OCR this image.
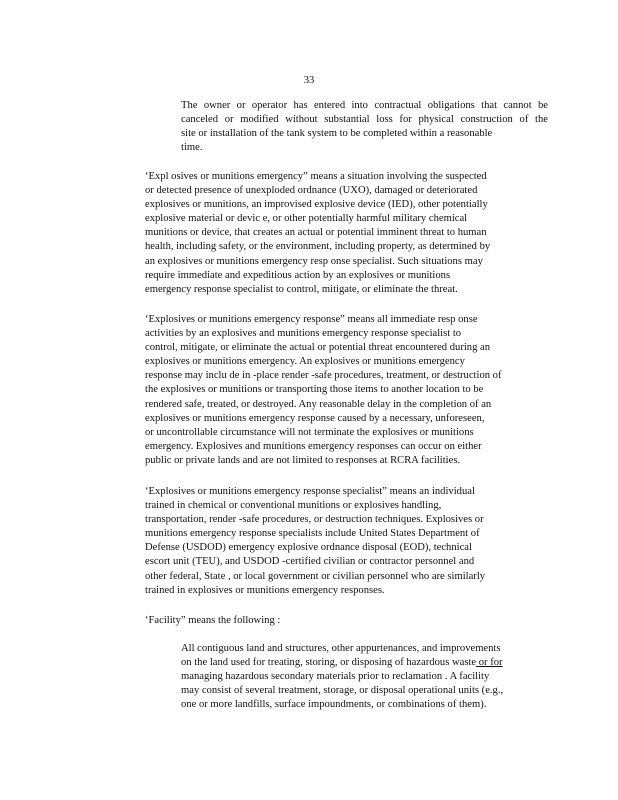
33
The owner or operator has entered into contractual obligations that cannot be
canceled or modified without substantial loss for physical construction of the
site or installation of the tank system to be completed within a reasonable
time.
‘Expl osives or munitions emergency” means a situation involving the suspected
or detected presence of unexploded ordnance (UXO), damaged or deteriorated
explosives or munitions, an improvised explosive device (IED), other potentially
explosive material or devic e, or other potentially harmful military chemical
munitions or device, that creates an actual or potential imminent threat to human
health, including safety, or the environment, including property, as determined by
an explosives or munitions emergency resp onse specialist. Such situations may
require immediate and expeditious action by an explosives or munitions
emergency response specialist to control, mitigate, or eliminate the threat.
‘Explosives or munitions emergency response” means all immediate resp onse
activities by an explosives and munitions emergency response specialist to
control, mitigate, or eliminate the actual or potential threat encountered during an
explosives or munitions emergency. An explosives or munitions emergency
response may inclu de in -place render -safe procedures, treatment, or destruction of
the explosives or munitions or transporting those items to another location to be
rendered safe, treated, or destroyed. Any reasonable delay in the completion of an
explosives or munitions emergency response caused by a necessary, unforeseen,
or uncontrollable circumstance will not terminate the explosives or munitions
emergency. Explosives and munitions emergency responses can occur on either
public or private lands and are not limited to responses at RCRA facilities.
‘Explosives or munitions emergency response specialist” means an individual
trained in chemical or conventional munitions or explosives handling,
transportation, render -safe procedures, or destruction techniques. Explosives or
munitions emergency response specialists include United States Department of
Defense (USDOD) emergency explosive ordnance disposal (EOD), technical
escort unit (TEU), and USDOD -certified civilian or contractor personnel and
other federal, State , or local government or civilian personnel who are similarly
trained in explosives or munitions emergency responses.
‘Facility” means the following :
All contiguous land and structures, other appurtenances, and improvements
on the land used for treating, storing, or disposing of hazardous waste or for
managing hazardous secondary materials prior to reclamation . A facility
may consist of several treatment, storage, or disposal operational units (e.g.,
one or more landfills, surface impoundments, or combinations of them).
